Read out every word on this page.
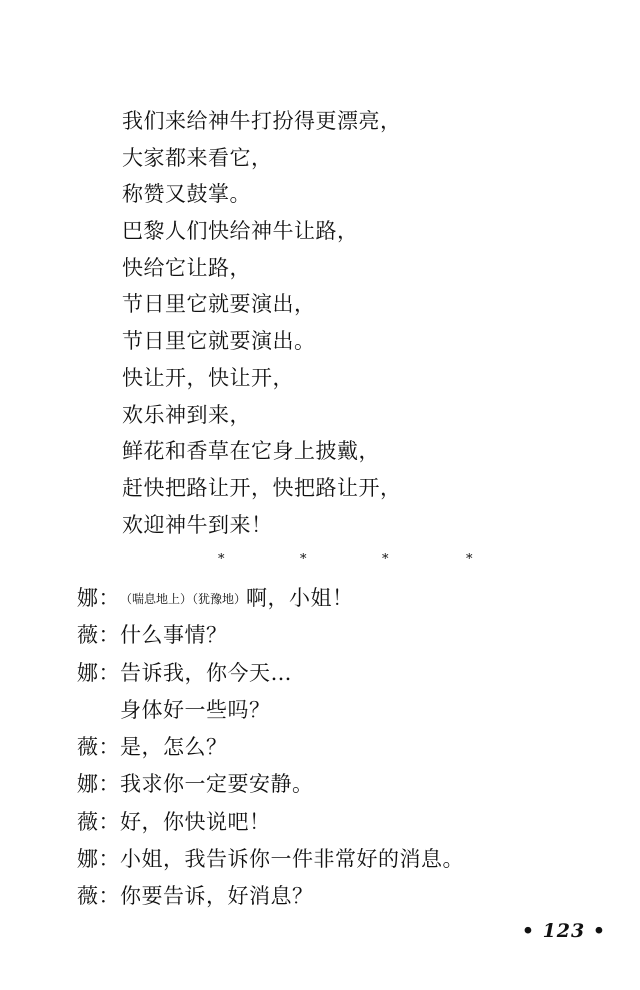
我们来给神牛打扮得更漂亮，
大家都来看它，
称赞又鼓掌。
巴黎人们快给神牛让路，
快给它让路，
节日里它就要演出，
节日里它就要演出。
快让开，快让开，
欢乐神到来，
鲜花和香草在它身上披戴，
赶快把路让开，快把路让开，
欢迎神牛到来！
*	*	*	*
娜：（喘息地上）（犹豫地）啊，小姐！
薇：什么事情？
娜：告诉我，你今天…
身体好一些吗？
薇：是，怎么？
娜：我求你一定要安静。
薇：好，你快说吧！
娜：小姐，我告诉你一件非常好的消息。
薇：你要告诉，好消息？
• 123 •
